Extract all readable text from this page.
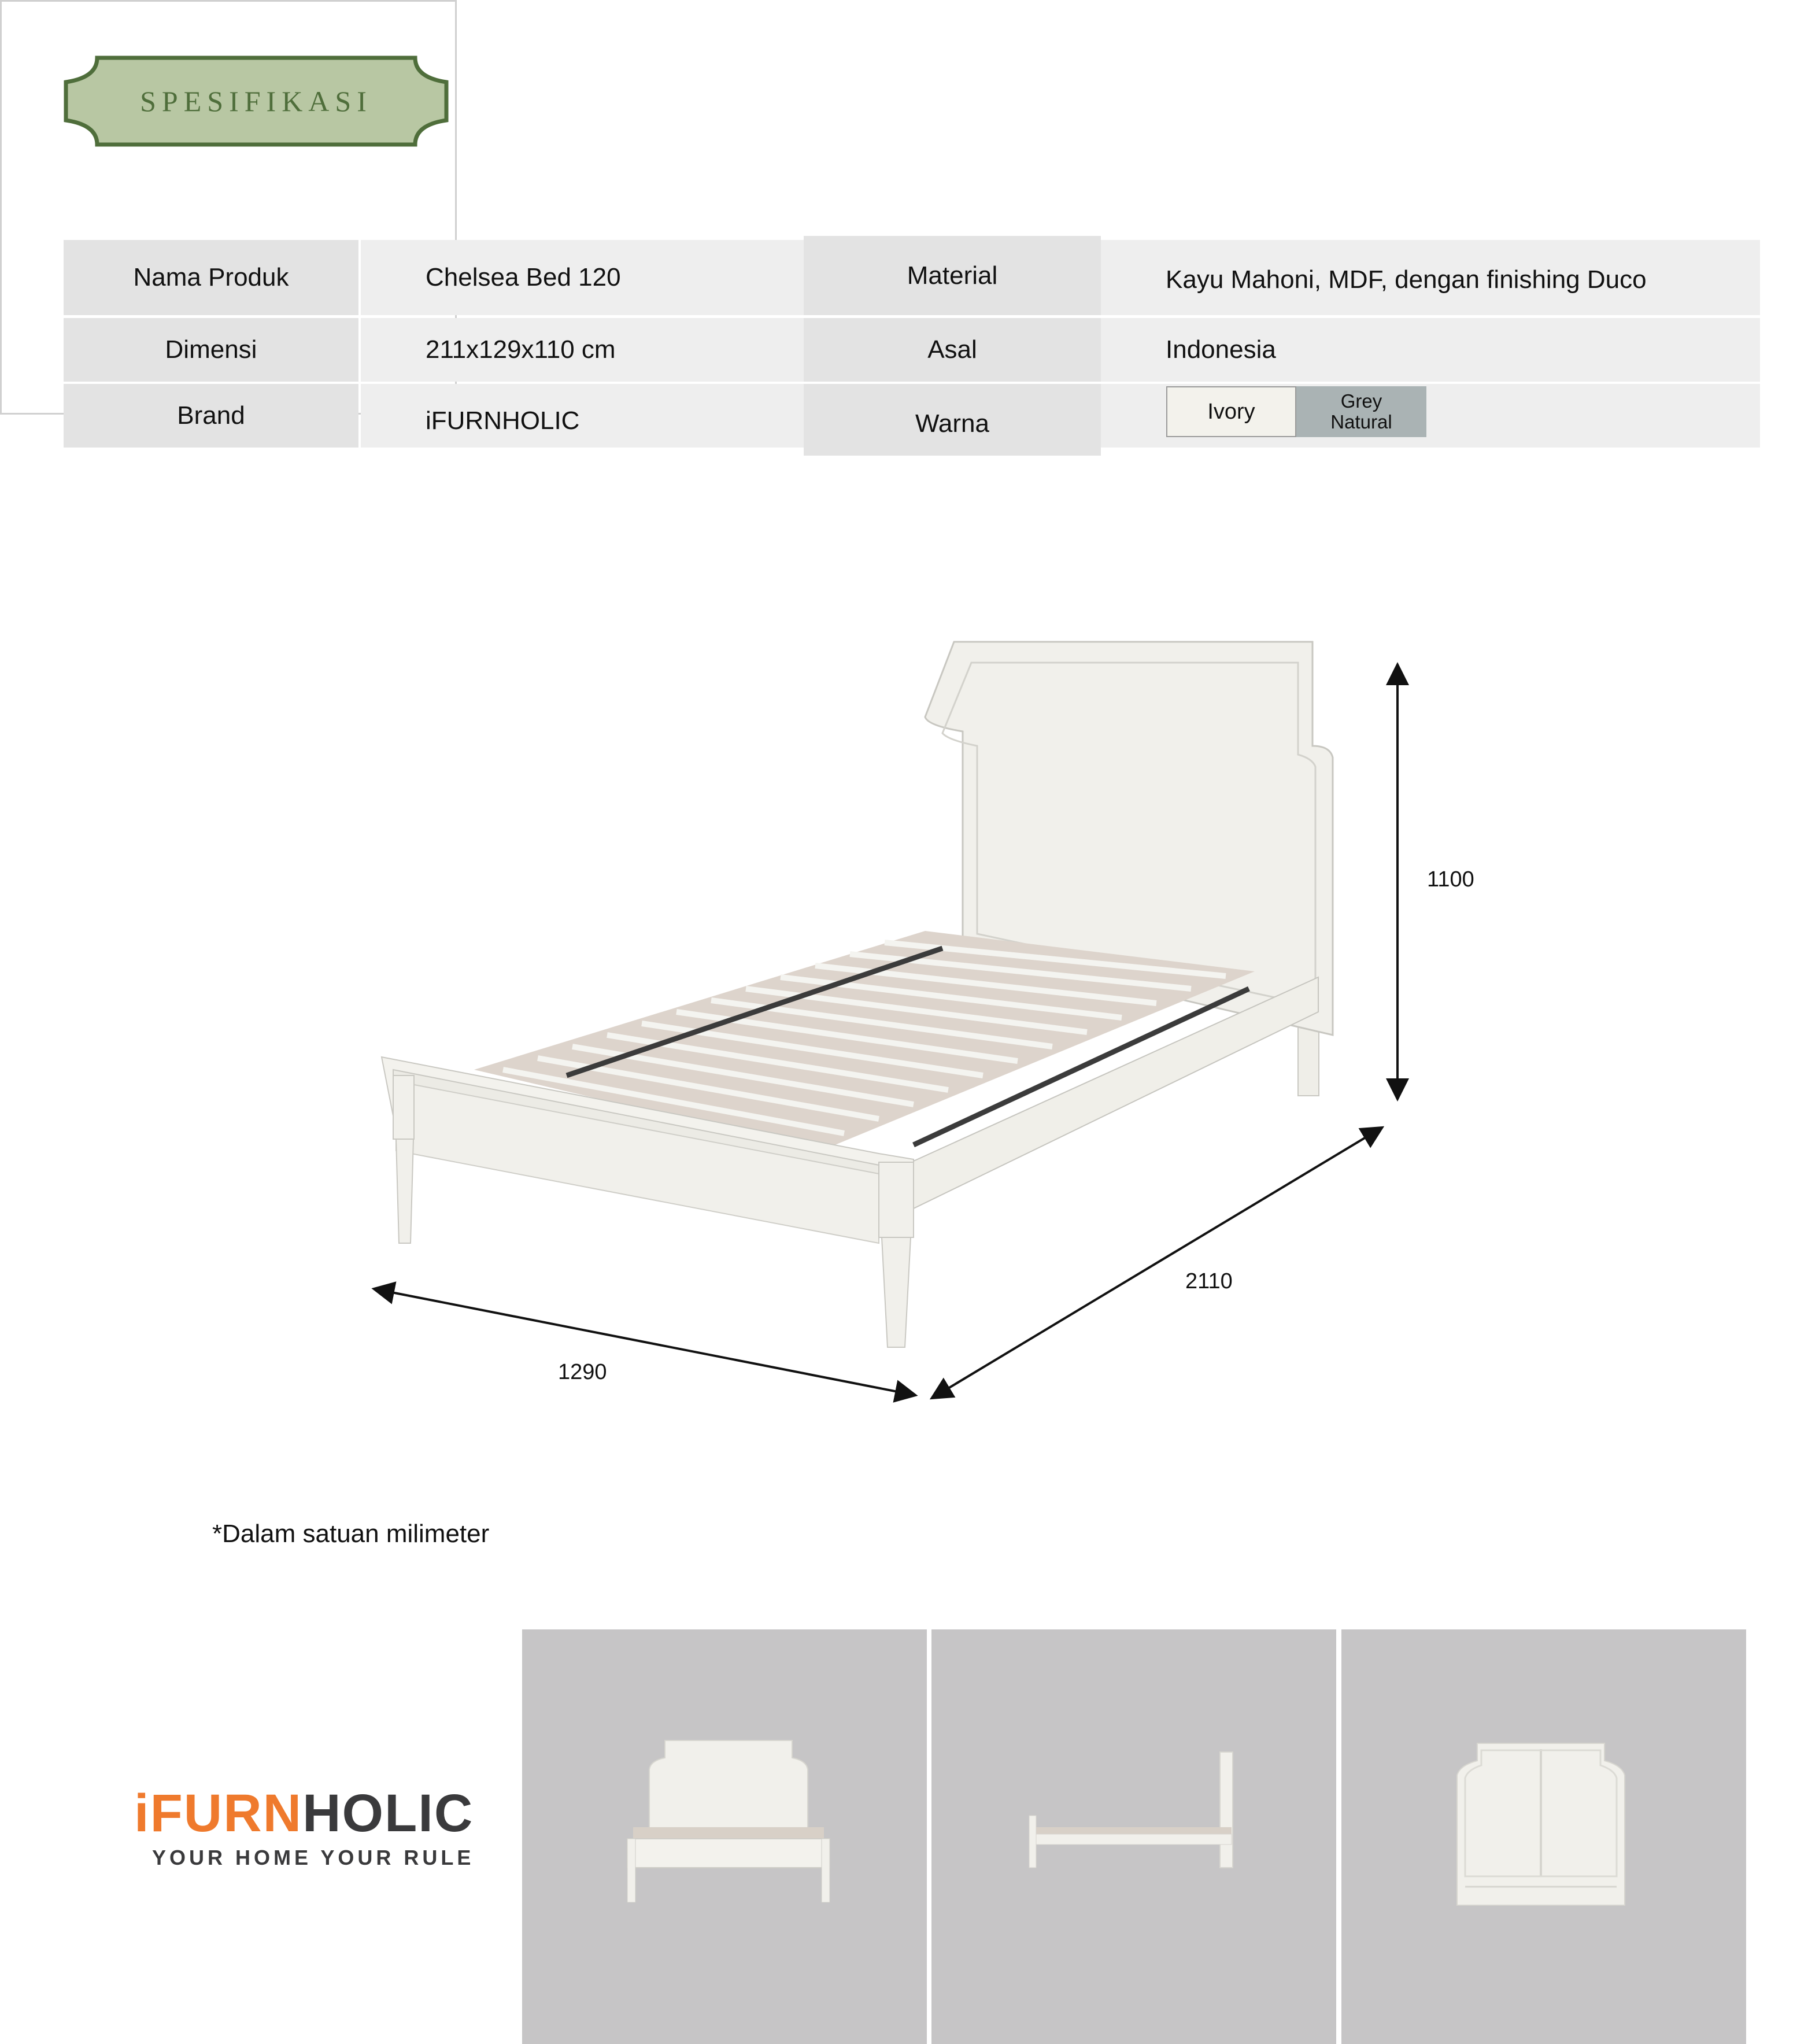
SPESIFIKASI
Nama Produk	Chelsea Bed 120
Dimensi	211x129x110 cm
Brand	iFURNHOLIC
Material	Kayu Mahoni, MDF, dengan finishing Duco
Asal	Indonesia
Warna	Ivory	Grey
Natural
1100
2110
1290
*Dalam satuan milimeter
iFURNHOLIC
YOUR HOME YOUR RULE
